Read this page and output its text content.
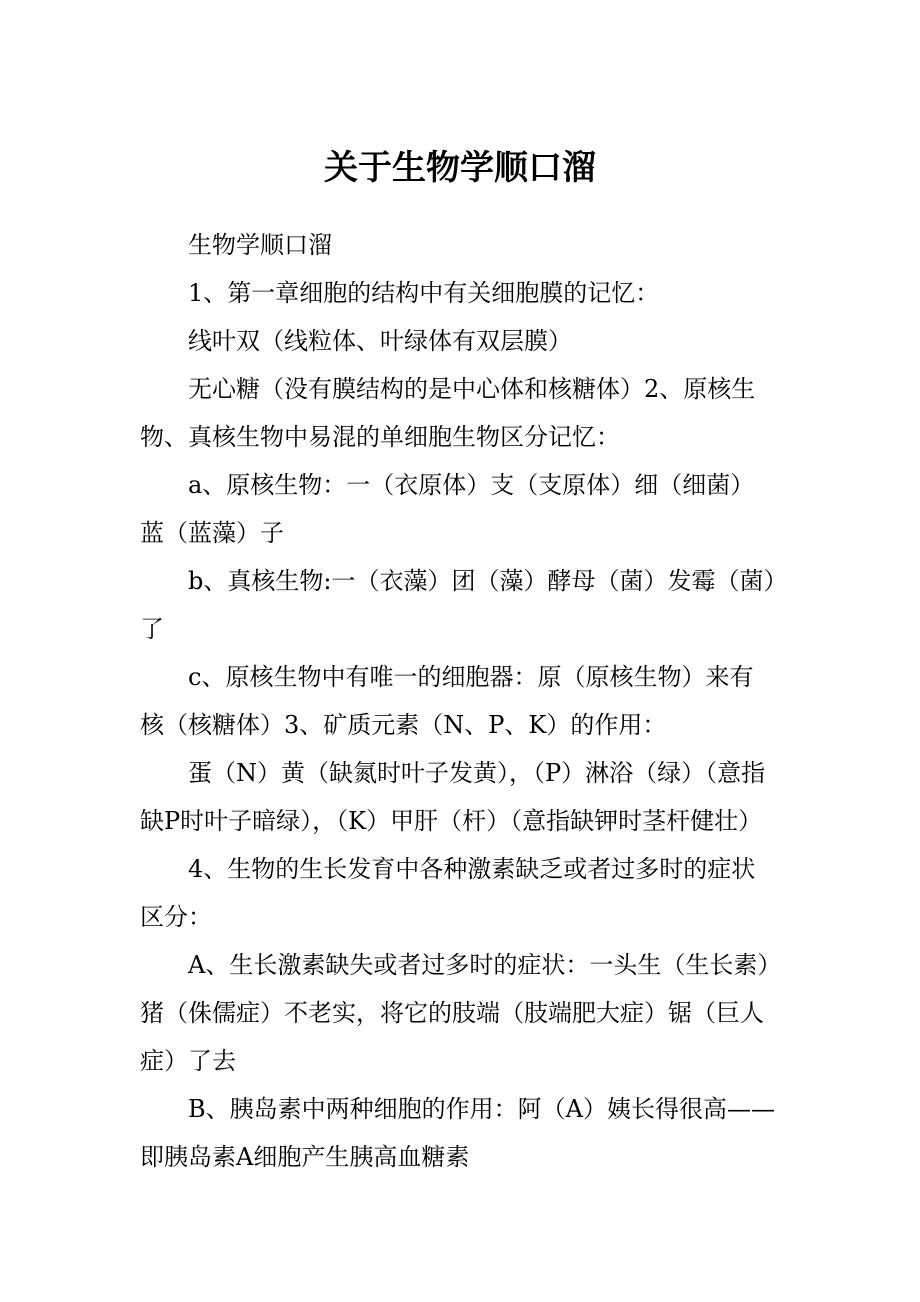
关于生物学顺口溜
生物学顺口溜
1、第一章细胞的结构中有关细胞膜的记忆：
线叶双（线粒体、叶绿体有双层膜）
无心糖（没有膜结构的是中心体和核糖体）2、原核生
物、真核生物中易混的单细胞生物区分记忆：
a、原核生物：一（衣原体）支（支原体）细（细菌）
蓝（蓝藻）子
b、真核生物:一（衣藻）团（藻）酵母（菌）发霉（菌）
了
c、原核生物中有唯一的细胞器：原（原核生物）来有
核（核糖体）3、矿质元素（N、P、K）的作用：
蛋（N）黄（缺氮时叶子发黄），（P）淋浴（绿）（意指
缺P时叶子暗绿），（K）甲肝（杆）（意指缺钾时茎杆健壮）
4、生物的生长发育中各种激素缺乏或者过多时的症状
区分：
A、生长激素缺失或者过多时的症状：一头生（生长素）
猪（侏儒症）不老实，将它的肢端（肢端肥大症）锯（巨人
症）了去
B、胰岛素中两种细胞的作用：阿（A）姨长得很高——
即胰岛素A细胞产生胰高血糖素
